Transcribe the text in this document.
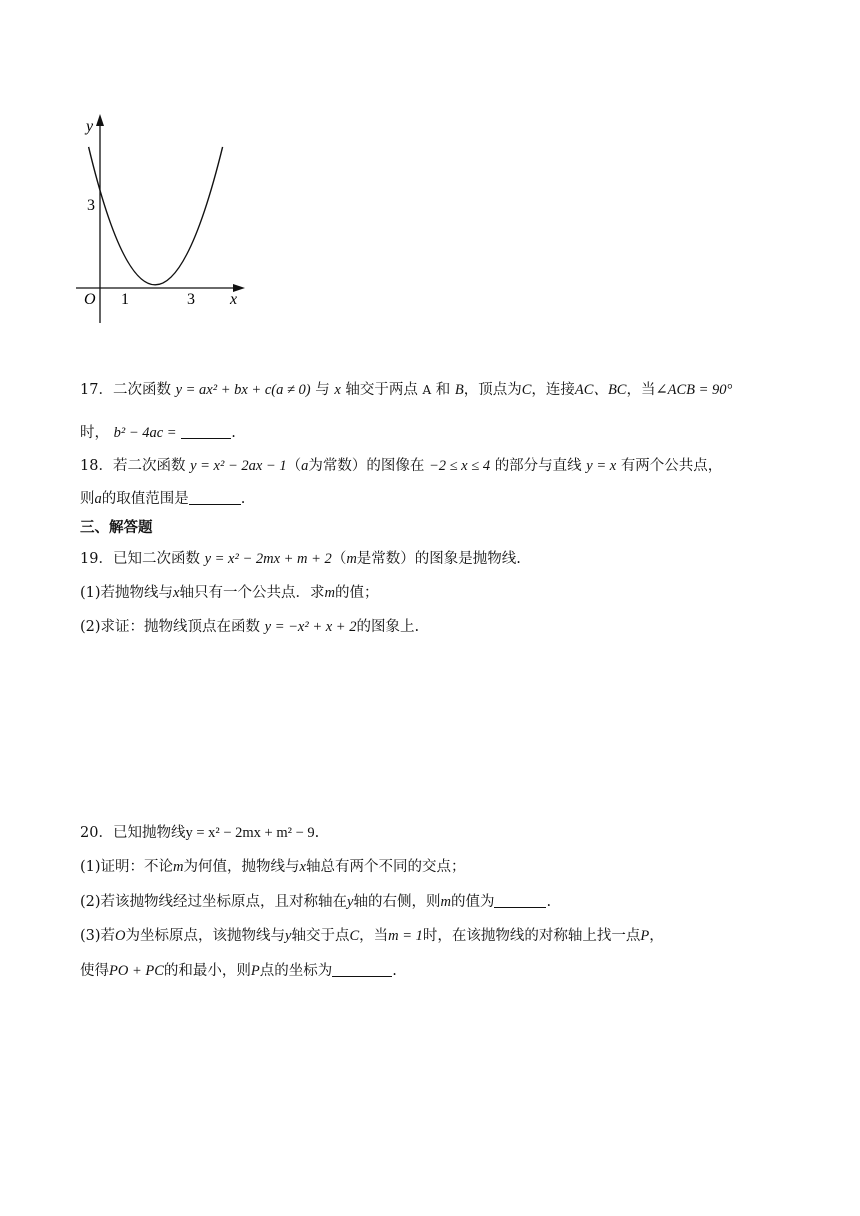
y
x
O
3
1	3
17．二次函数 y = ax² + bx + c(a ≠ 0) 与 x 轴交于两点 A 和 B，顶点为C，连接AC、BC，当∠ACB = 90°
时， b² − 4ac =	.
18．若二次函数 y = x² − 2ax − 1（a为常数）的图像在 −2 ≤ x ≤ 4 的部分与直线 y = x 有两个公共点，
则a的取值范围是	.
三、解答题
19．已知二次函数 y = x² − 2mx + m + 2（m是常数）的图象是抛物线.
(1)若抛物线与x轴只有一个公共点．求m的值；
(2)求证：抛物线顶点在函数 y = −x² + x + 2的图象上.
20．已知抛物线y = x² − 2mx + m² − 9.
(1)证明：不论m为何值，抛物线与x轴总有两个不同的交点；
(2)若该抛物线经过坐标原点，且对称轴在y轴的右侧，则m的值为	.
(3)若O为坐标原点，该抛物线与y轴交于点C，当m = 1时，在该抛物线的对称轴上找一点P，
使得PO + PC的和最小，则P点的坐标为	.
